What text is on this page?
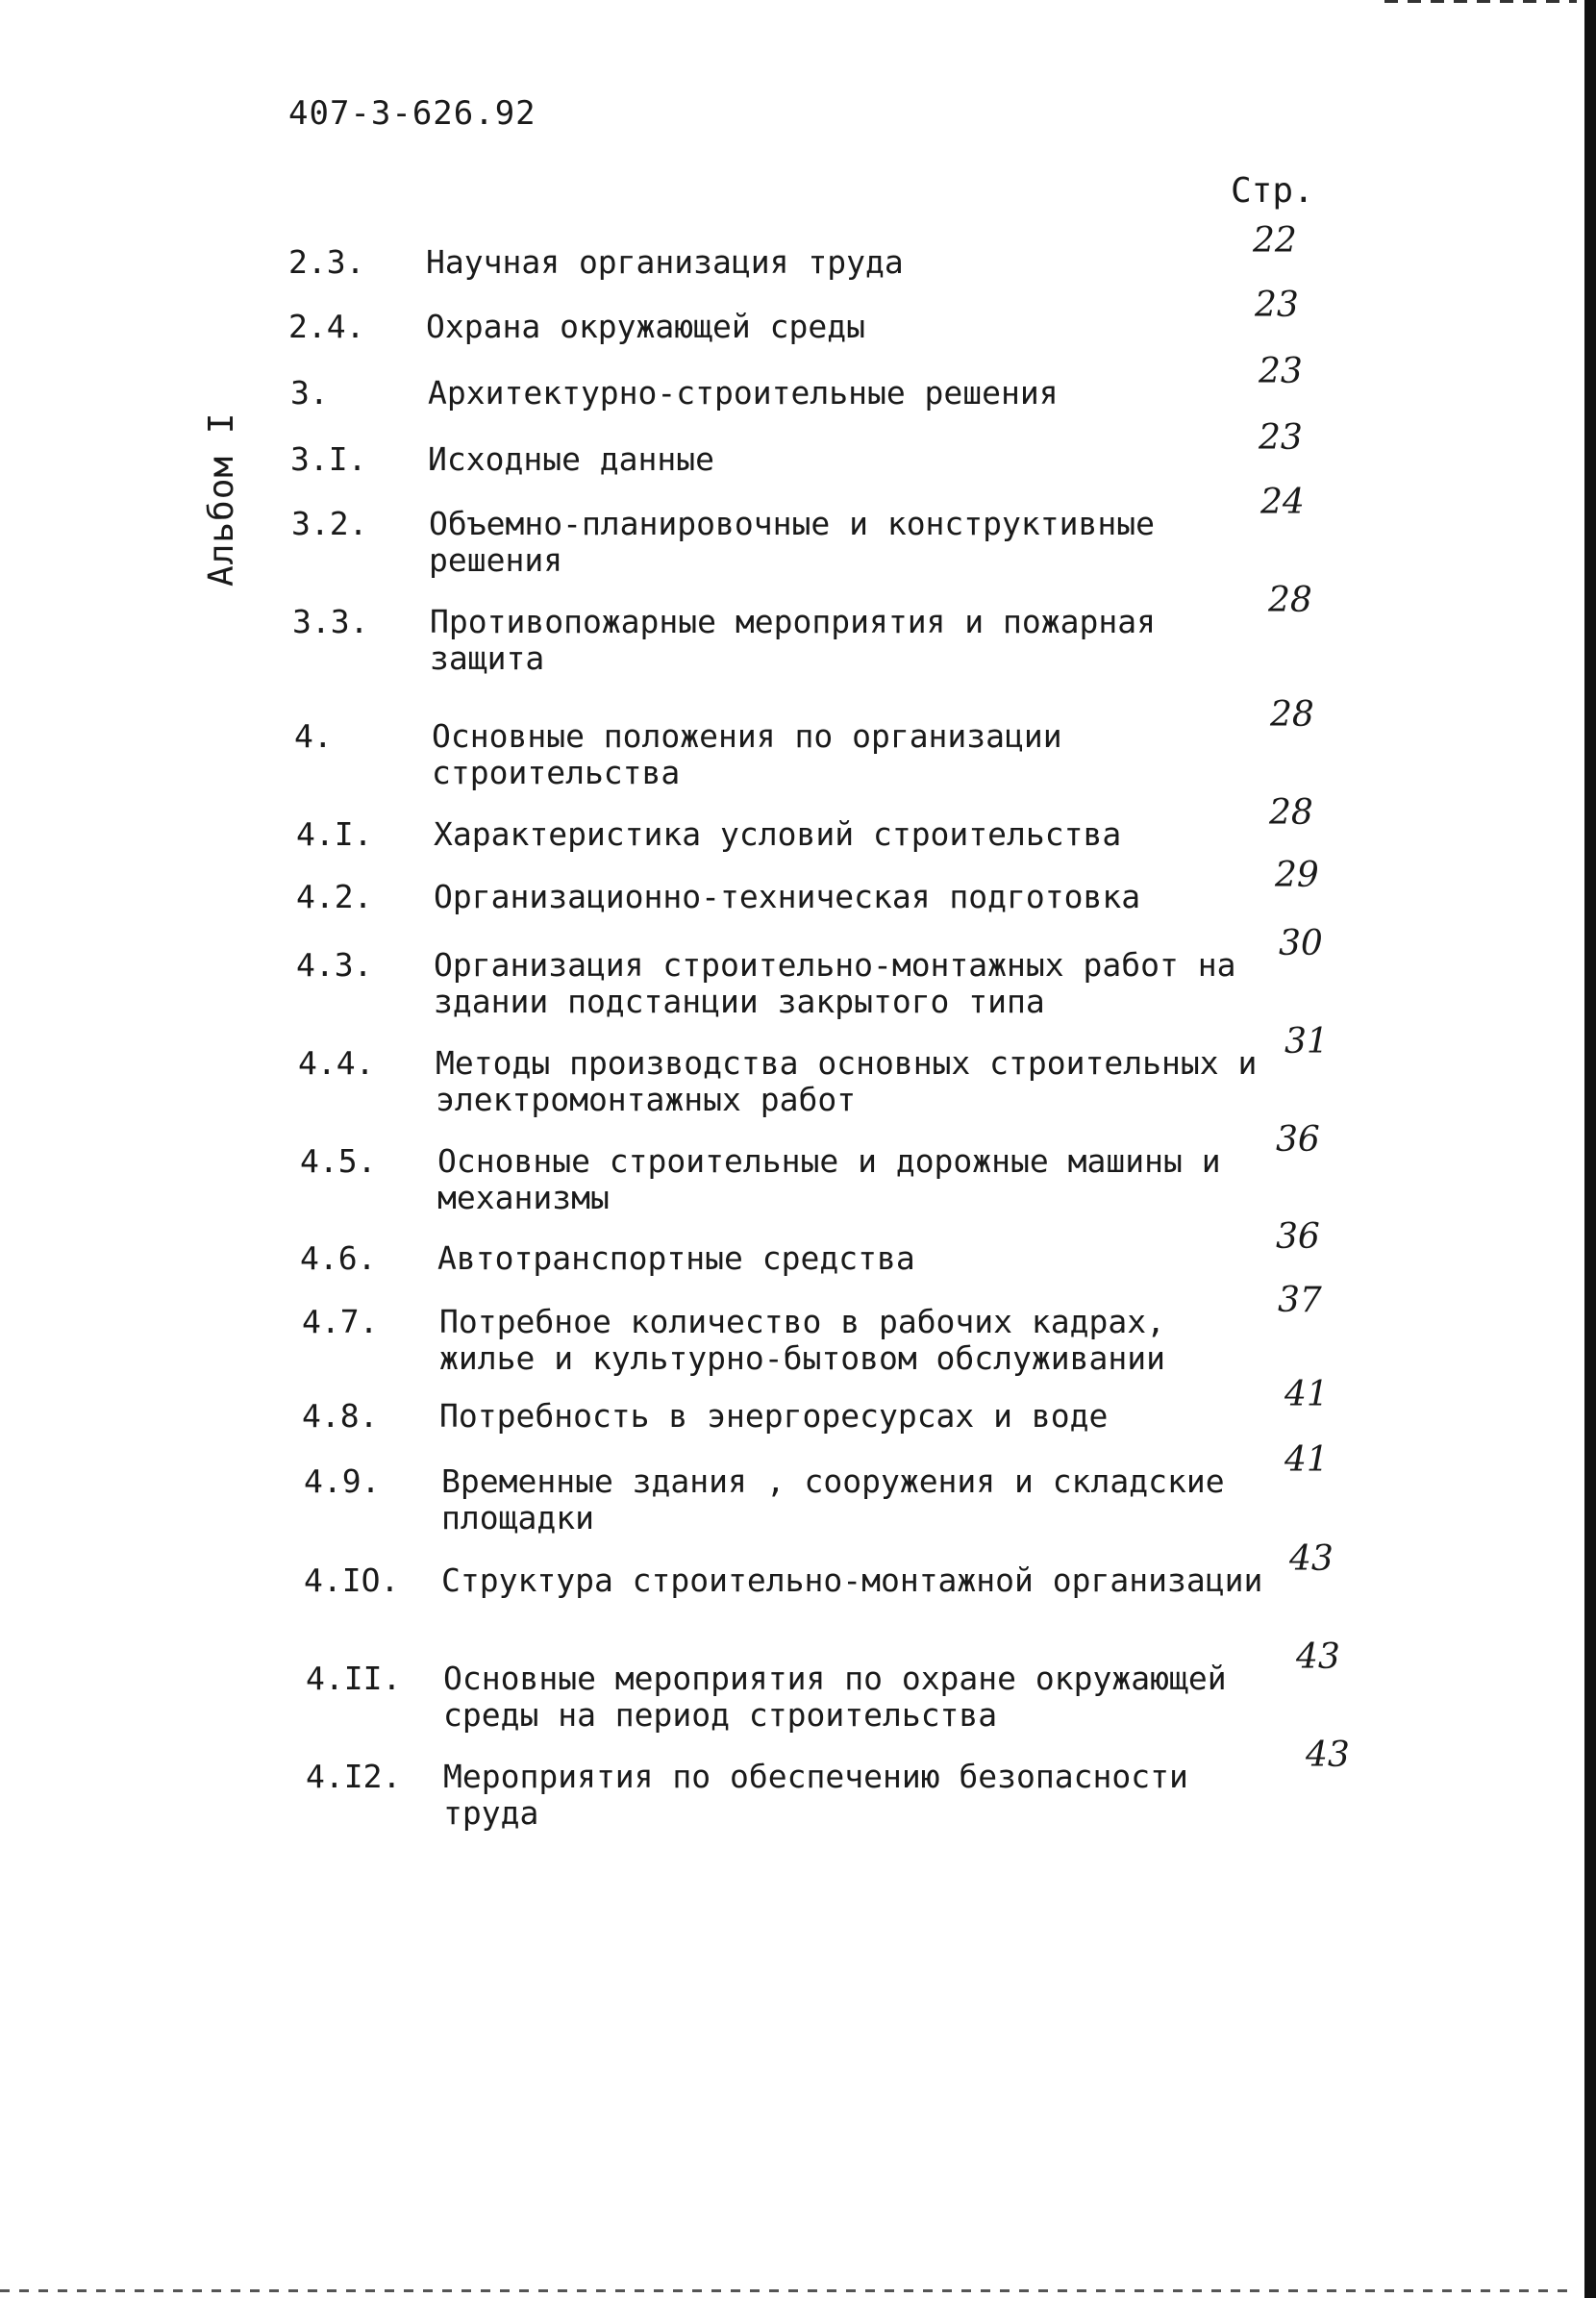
407-3-626.92
Альбом I
Стр.
2.3. Научная организация труда
22
2.4. Охрана окружающей среды
23
3.	Архитектурно-строительные решения
23
3.I. Исходные данные
23
3.2. Объемно-планировочные и конструктивные решения
24
3.3. Противопожарные мероприятия и пожарная защита
28
4.	Основные положения по организации строительства
28
4.I. Характеристика условий строительства
28
4.2. Организационно-техническая подготовка
29
4.3. Организация строительно-монтажных работ на здании подстанции закрытого типа
30
4.4. Методы производства основных строительных и электромонтажных работ
31
4.5. Основные строительные и дорожные машины и механизмы
36
4.6. Автотранспортные средства
36
4.7. Потребное количество в рабочих кадрах, жилье и культурно-бытовом обслуживании
37
4.8. Потребность в энергоресурсах и воде
41
4.9. Временные здания , сооружения и складские площадки
41
4.IO. Структура строительно-монтажной организации
43
4.II. Основные мероприятия по охране окружающей среды на период строительства
43
4.I2. Мероприятия по обеспечению безопасности труда
43
